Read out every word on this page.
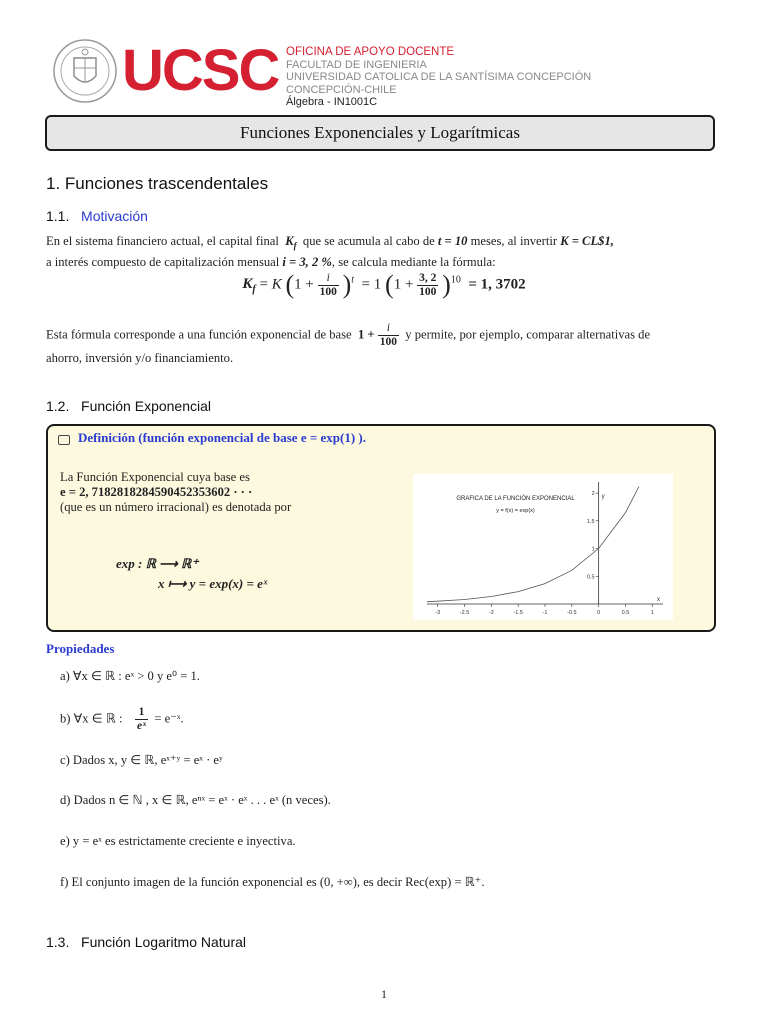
UCSC OFICINA DE APOYO DOCENTE
FACULTAD DE INGENIERIA
UNIVERSIDAD CATOLICA DE LA SANTÍSIMA CONCEPCIÓN
CONCEPCIÓN-CHILE
Álgebra - IN1001C
Funciones Exponenciales y Logarítmicas
1. Funciones trascendentales
1.1. Motivación
En el sistema financiero actual, el capital final  $K_f$ que se acumula al cabo de t = 10 meses, al invertir K = CL$1,
a interés compuesto de capitalización mensual i = 3, 2 %, se calcula mediante la fórmula:
$K_f = K$ $(1 + \frac{i}{100} )^t = 1$ $(1 + \frac{3, 2}{100} )^{10} = 1$, 3702
Esta fórmula corresponde a una función exponencial de base $1 + \frac{i}{100}$ y permite, por ejemplo, comparar alternativas de
ahorro, inversión y/o financiamiento.
1.2. Función Exponencial
Definición (función exponencial de base e = exp(1) ).
La Función Exponencial cuya base es
e = 2, 7182818284590452353602 · · ·
(que es un número irracional) es denotada por
exp : ℝ ⟶ ℝ⁺
x ⟼ y = exp(x) = eˣ
-3	-2.5	-2	-1.5	-1	-0.5	0	0.5	1
0.5
1
1.5
2
x
y
GRAFICA DE LA FUNCIÓN EXPONENCIAL
y = f(x) = exp(x)
Propiedades
a) ∀x ∈ ℝ : eˣ > 0 y e⁰ = 1.
b) ∀x ∈ ℝ : $\frac{1}{\text{eˣ}}$ = e⁻ˣ.
c) Dados x, y ∈ ℝ, eˣ⁺ʸ = eˣ · eʸ
d) Dados n ∈ ℕ , x ∈ ℝ, eⁿˣ = eˣ · eˣ . . . eˣ (n veces).
e) y = eˣ es estrictamente creciente e inyectiva.
f) El conjunto imagen de la función exponencial es (0, +∞), es decir Rec(exp) = ℝ⁺.
1.3. Función Logaritmo Natural
1
